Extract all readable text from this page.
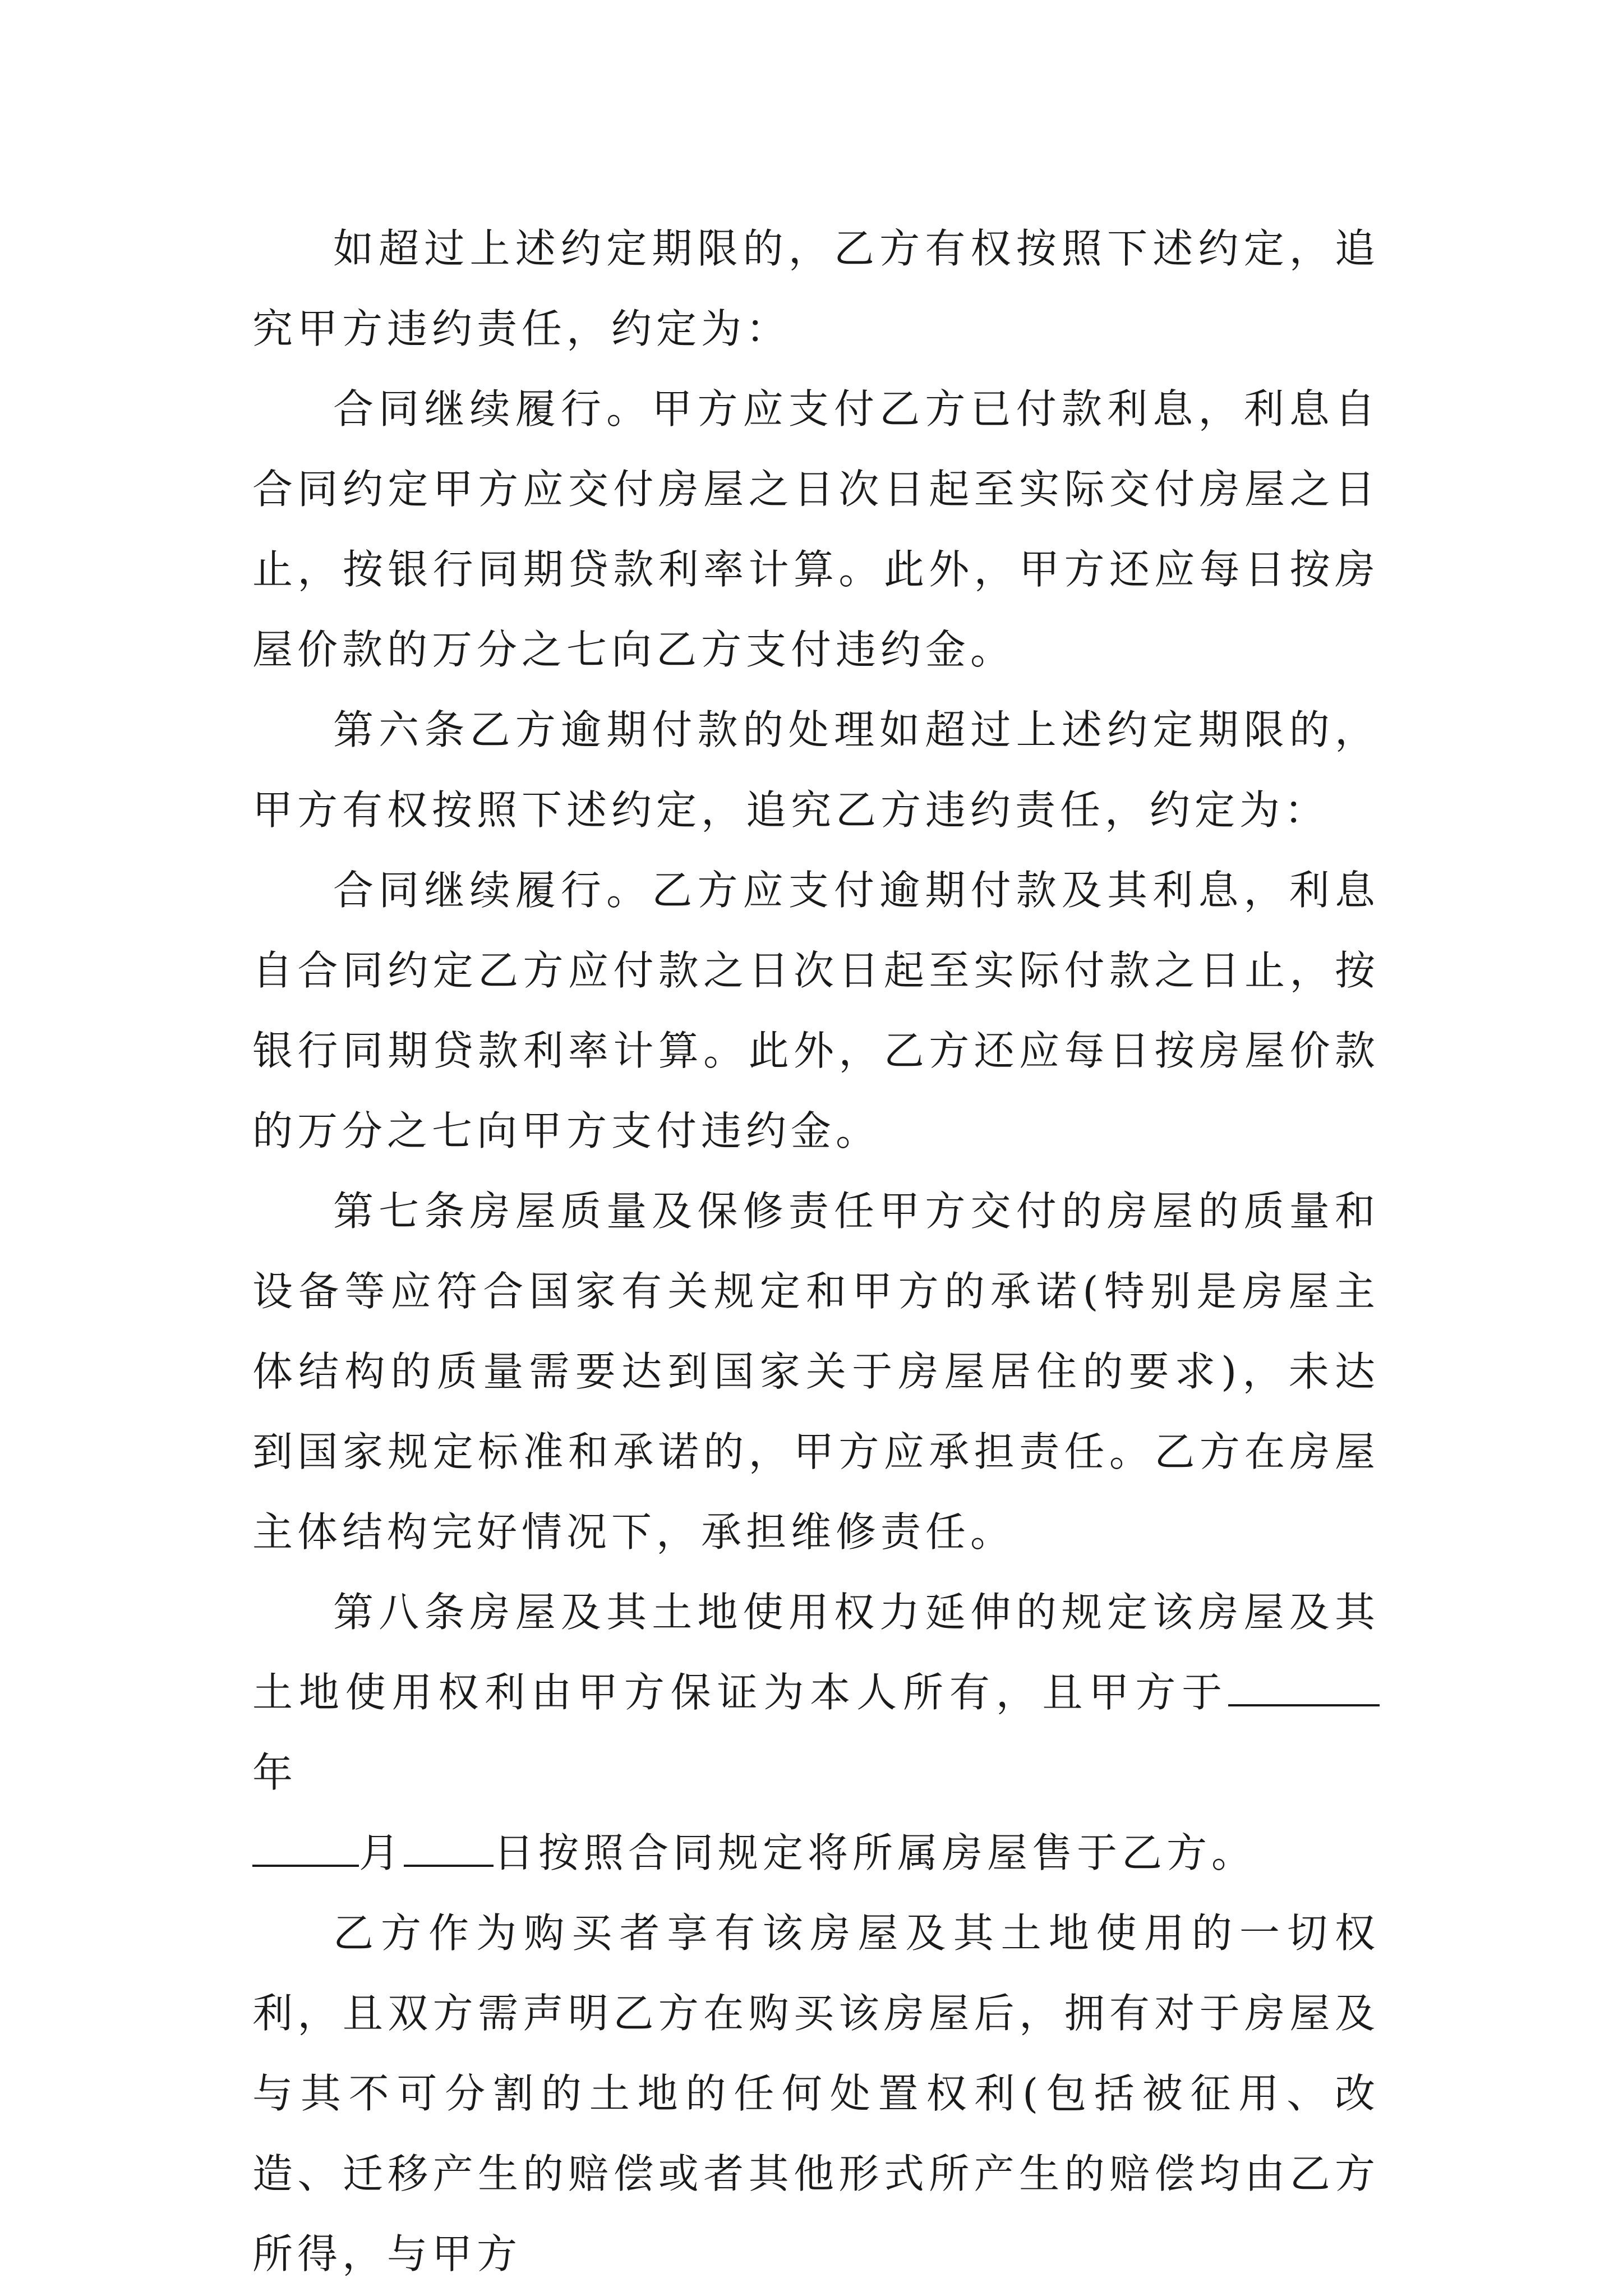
如超过上述约定期限的，乙方有权按照下述约定，追究甲方违约责任，约定为：

合同继续履行。甲方应支付乙方已付款利息，利息自合同约定甲方应交付房屋之日次日起至实际交付房屋之日止，按银行同期贷款利率计算。此外，甲方还应每日按房屋价款的万分之七向乙方支付违约金。

第六条乙方逾期付款的处理如超过上述约定期限的，甲方有权按照下述约定，追究乙方违约责任，约定为：

合同继续履行。乙方应支付逾期付款及其利息，利息自合同约定乙方应付款之日次日起至实际付款之日止，按银行同期贷款利率计算。此外，乙方还应每日按房屋价款的万分之七向甲方支付违约金。

第七条房屋质量及保修责任甲方交付的房屋的质量和设备等应符合国家有关规定和甲方的承诺(特别是房屋主体结构的质量需要达到国家关于房屋居住的要求)，未达到国家规定标准和承诺的，甲方应承担责任。乙方在房屋主体结构完好情况下，承担维修责任。

第八条房屋及其土地使用权力延伸的规定该房屋及其土地使用权利由甲方保证为本人所有，且甲方于年
月 日按照合同规定将所属房屋售于乙方。

乙方作为购买者享有该房屋及其土地使用的一切权利，且双方需声明乙方在购买该房屋后，拥有对于房屋及与其不可分割的土地的任何处置权利(包括被征用、改造、迁移产生的赔偿或者其他形式所产生的赔偿均由乙方所得，与甲方
